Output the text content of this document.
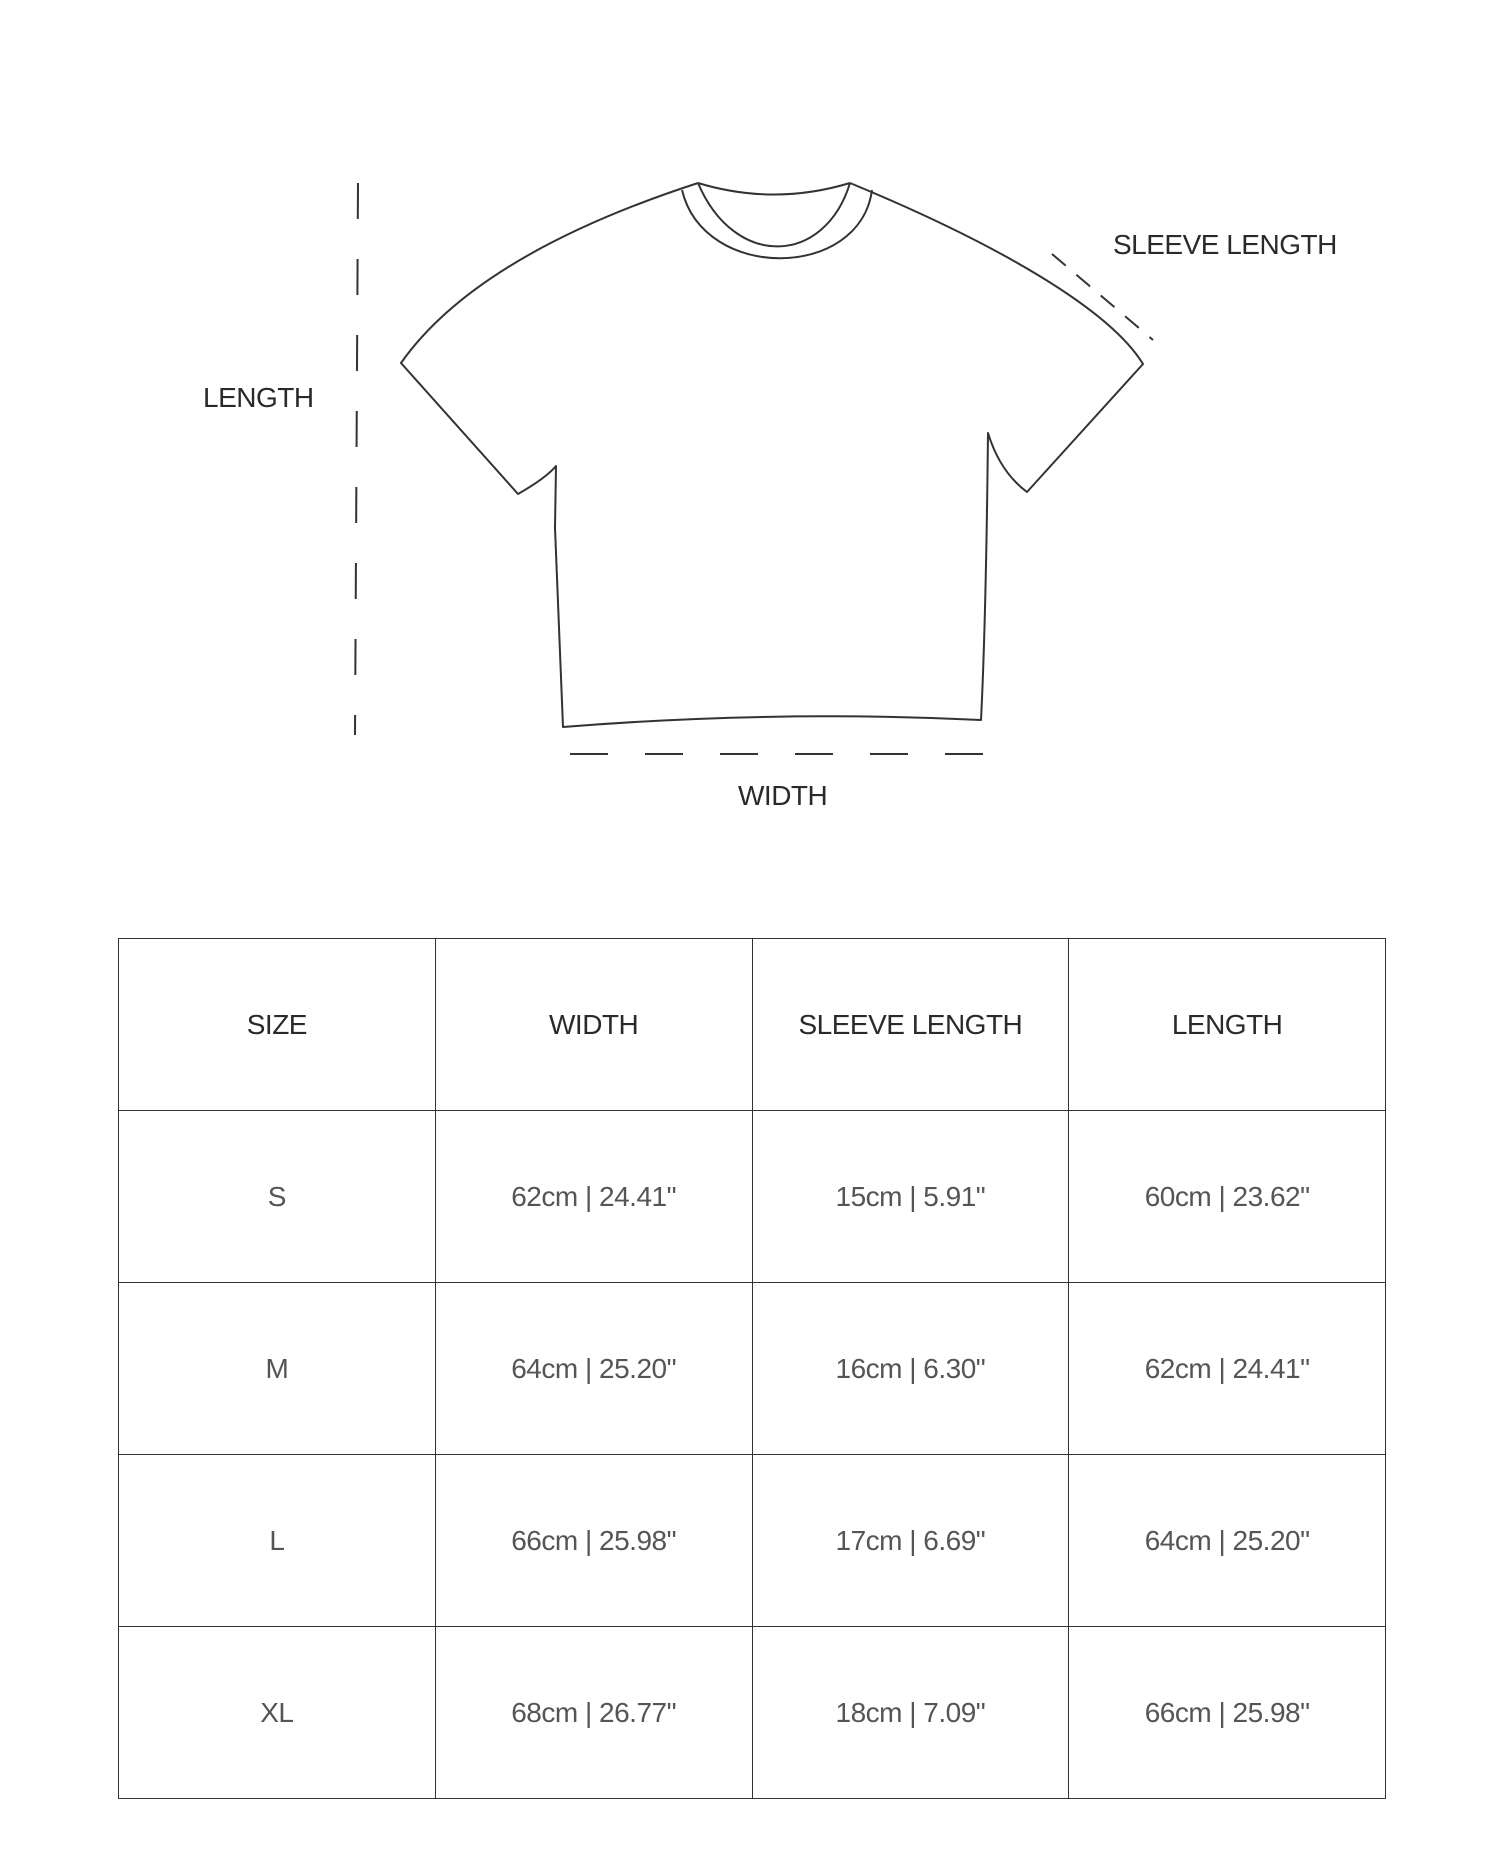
LENGTH
SLEEVE LENGTH
WIDTH
SIZE	WIDTH	SLEEVE LENGTH	LENGTH
S	62cm | 24.41"	15cm | 5.91"	60cm | 23.62"
M	64cm | 25.20"	16cm | 6.30"	62cm | 24.41"
L	66cm | 25.98"	17cm | 6.69"	64cm | 25.20"
XL	68cm | 26.77"	18cm | 7.09"	66cm | 25.98"
